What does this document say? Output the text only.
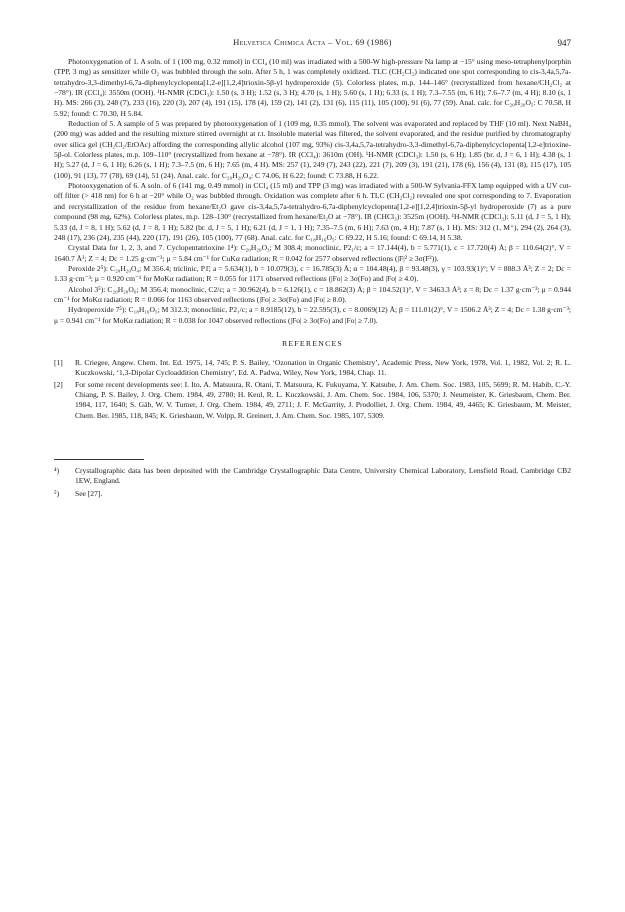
Helvetica Chimica Acta – Vol. 69 (1986)	947

Photooxygenation of 1. A soln. of 1 (100 mg, 0.32 mmol) in CCl₄ (10 ml) was irradiated with a 500-W high-pressure Na lamp at −15° using meso-tetraphenylporphin (TPP, 3 mg) as sensitizer while O₂ was bubbled through the soln. After 5 h, 1 was completely oxidized. TLC (CH₂Cl₂) indicated one spot corresponding to cis-3,4a,5,7a-tetrahydro-3,3-dimethyl-6,7a-diphenylcyclopenta[1,2-e][1,2,4]trioxin-5β-yl hydroperoxide (5). Colorless plates, m.p. 144–146° (recrystallized from hexane/CH₂Cl₂ at −78°). IR (CCl₄): 3550m (OOH). ¹H-NMR (CDCl₃): 1.50 (s, 3 H); 1.52 (s, 3 H); 4.70 (s, 1 H); 5.60 (s, 1 H); 6.33 (s, 1 H); 7.3–7.55 (m, 6 H); 7.6–7.7 (m, 4 H); 8.10 (s, 1 H). MS: 266 (3), 248 (7), 233 (16), 220 (3), 207 (4), 191 (15), 178 (4), 159 (2), 141 (2), 131 (6), 115 (11), 105 (100), 91 (6), 77 (59). Anal. calc. for C₂₀H₂₀O₅: C 70.58, H 5.92; found: C 70.30, H 5.84.

Reduction of 5. A sample of 5 was prepared by photooxygenation of 1 (109 mg, 0.35 mmol). The solvent was evaporated and replaced by THF (10 ml). Next NaBH₄ (200 mg) was added and the resulting mixture stirred overnight at r.t. Insoluble material was filtered, the solvent evaporated, and the residue purified by chromatography over silica gel (CH₂Cl₂/EtOAc) affording the corresponding allylic alcohol (107 mg, 93%) cis-3,4a,5,7a-tetrahydro-3,3-dimethyl-6,7a-diphenylcyclopenta[1,2-e]trioxine-5β-ol. Colorless plates, m.p. 109–110° (recrystallized from hexane at −78°). IR (CCl₄): 3610m (OH). ¹H-NMR (CDCl₃): 1.50 (s, 6 H); 1.85 (br. d, J = 6, 1 H); 4.38 (s, 1 H); 5.27 (d, J = 6, 1 H); 6.26 (s, 1 H); 7.3–7.5 (m, 6 H); 7.65 (m, 4 H). MS: 257 (1), 249 (7), 243 (22), 221 (7), 209 (3), 191 (21), 178 (6), 156 (4), 131 (8), 115 (17), 105 (100), 91 (13), 77 (78), 69 (14), 51 (24). Anal. calc. for C₂₀H₂₀O₄: C 74.06, H 6.22; found: C 73.88, H 6.22.

Photooxygenation of 6. A soln. of 6 (141 mg, 0.49 mmol) in CCl₄ (15 ml) and TPP (3 mg) was irradiated with a 500-W Sylvania-FFX lamp equipped with a UV cut-off filter (> 418 nm) for 6 h at −20° while O₂ was bubbled through. Oxidation was complete after 6 h. TLC (CH₂Cl₂) revealed one spot corresponding to 7. Evaporation and recrystallization of the residue from hexane/Et₂O gave cis-3,4a,5,7a-tetrahydro-6,7a-diphenylcyclopenta[1,2-e][1,2,4]trioxin-5β-yl hydroperoxide (7) as a pure compound (98 mg, 62%). Colorless plates, m.p. 128–130° (recrystallized from hexane/Et₂O at −78°). IR (CHCl₃): 3525m (OOH). ¹H-NMR (CDCl₃): 5.11 (d, J = 5, 1 H); 5.33 (d, J = 8, 1 H); 5.62 (d, J = 8, 1 H); 5.82 (br. d, J = 5, 1 H); 6.21 (d, J = 1, 1 H); 7.35–7.5 (m, 6 H); 7.63 (m, 4 H); 7.87 (s, 1 H). MS: 312 (1, M⁺), 294 (2), 264 (3), 248 (17), 236 (24), 235 (44), 220 (17), 191 (26), 105 (100), 77 (68). Anal. calc. for C₁₈H₁₆O₅: C 69.22, H 5.16; found: C 69.14, H 5.38.

Crystal Data for 1, 2, 3, and 7. Cyclopentatrioxine 1⁴): C₂₀H₂₀O₃; M 308.4; monoclinic, P2₁/c; a = 17.144(4), b = 5.771(1), c = 17.720(4) Å; β = 110.64(2)°, V = 1640.7 Å³; Z = 4; Dc = 1.25 g·cm⁻³; μ = 5.84 cm⁻¹ for CuKα radiation; R = 0.042 for 2577 observed reflections (|F|² ≥ 3σ(F²)).

Peroxide 2⁵): C₂₀H₂₀O₄; M 356.4; triclinic, P1̄; a = 5.634(1), b = 10.079(3), c = 16.785(3) Å; α = 104.48(4), β = 93.48(3), γ = 103.93(1)°; V = 888.3 Å³; Z = 2; Dc = 1.33 g·cm⁻³; μ = 0.920 cm⁻¹ for MoKα radiation; R = 0.055 for 1171 observed reflections (|Fo| ≥ 3σ(Fo) and |Fo| ≥ 4.0).

Alcohol 3⁵): C₂₀H₂₀O₆; M 356.4; monoclinic, C2/c; a = 30.962(4), b = 6.126(1), c = 18.862(3) Å; β = 104.52(1)°, V = 3463.3 Å³; z = 8; Dc = 1.37 g·cm⁻³; μ = 0.944 cm⁻¹ for MoKα radiation; R = 0.066 for 1163 observed reflections (|Fo| ≥ 3σ(Fo) and |Fo| ≥ 8.0).

Hydroperoxide 7⁵): C₁₈H₁₆O₅; M 312.3; monoclinic, P2₁/c; a = 8.9185(12), b = 22.595(3), c = 8.0069(12) Å; β = 111.01(2)°, V = 1506.2 Å³; Z = 4; Dc = 1.38 g·cm⁻³; μ = 0.941 cm⁻¹ for MoKα radiation; R = 0.038 for 1047 observed reflections (|Fo| ≥ 3σ(Fo) and |Fo| ≥ 7.0).

REFERENCES
[1]	R. Criegee, Angew. Chem. Int. Ed. 1975, 14, 745; P. S. Bailey, ‘Ozonation in Organic Chemistry’, Academic Press, New York, 1978, Vol. 1, 1982, Vol. 2; R. L. Kuczkowski, ‘1,3-Dipolar Cycloaddition Chemistry’, Ed. A. Padwa, Wiley, New York, 1984, Chap. 11.
[2]	For some recent developments see: I. Ito, A. Matsuura, R. Otani, T. Matsuura, K. Fukuyama, Y. Katsube, J. Am. Chem. Soc. 1983, 105, 5699; R. M. Habib, C.-Y. Chiang, P. S. Bailey, J. Org. Chem. 1984, 49, 2780; H. Keul, R. L. Kuczkowski, J. Am. Chem. Soc. 1984, 106, 5370; J. Neumeister, K. Griesbaum, Chem. Ber. 1984, 117, 1640; S. Gäb, W. V. Turner, J. Org. Chem. 1984, 49, 2711; J. F. McGarrity, J. Prodolliet, J. Org. Chem. 1984, 49, 4465; K. Griesbaum, M. Meister, Chem. Ber. 1985, 118, 845; K. Griesbaum, W. Volpp, R. Greinert, J. Am. Chem. Soc. 1985, 107, 5309.
⁴)	Crystallographic data has been deposited with the Cambridge Crystallographic Data Centre, University Chemical Laboratory, Lensfield Road, Cambridge CB2 1EW, England.
⁵)	See [27].
